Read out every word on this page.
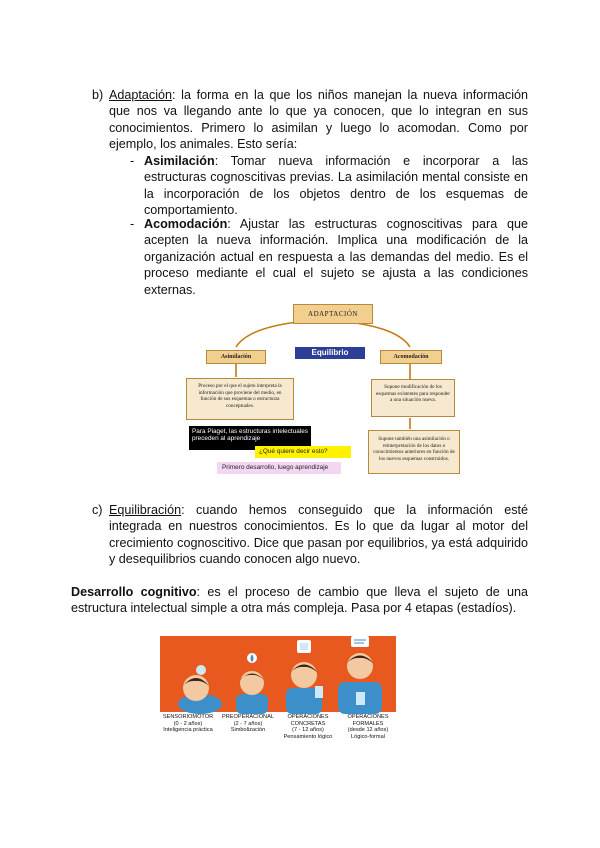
b) Adaptación: la forma en la que los niños manejan la nueva información que nos va llegando ante lo que ya conocen, que lo integran en sus conocimientos. Primero lo asimilan y luego lo acomodan. Como por ejemplo, los animales. Esto sería:
- Asimilación: Tomar nueva información e incorporar a las estructuras cognoscitivas previas. La asimilación mental consiste en la incorporación de los objetos dentro de los esquemas de comportamiento.
- Acomodación: Ajustar las estructuras cognoscitivas para que acepten la nueva información. Implica una modificación de la organización actual en respuesta a las demandas del medio. Es el proceso mediante el cual el sujeto se ajusta a las condiciones externas.
ADAPTACIÓN
Equilibrio
Asimilación	Acomodación
Proceso por el que el sujeto interpreta la información que proviene del medio, en función de sus esquemas o estructuras conceptuales.
Supone modificación de los esquemas existentes para responder a una situación nueva.
Supone también una asimilación o reinterpretación de los datos o conocimientos anteriores en función de los nuevos esquemas construidos.
Para Piaget, las estructuras intelectuales preceden al aprendizaje
¿Qué quiere decir esto?
Primero desarrollo, luego aprendizaje
c) Equilibración: cuando hemos conseguido que la información esté integrada en nuestros conocimientos. Es lo que da lugar al motor del crecimiento cognoscitivo. Dice que pasan por equilibrios, ya está adquirido y desequilibrios cuando conocen algo nuevo.
Desarrollo cognitivo: es el proceso de cambio que lleva el sujeto de una estructura intelectual simple a otra más compleja. Pasa por 4 etapas (estadíos).
SENSORIOMOTOR
(0 - 2 años)
Inteligencia práctica
PREOPERACIONAL
(2 - 7 años)
Simbolización
OPERACIONES CONCRETAS
(7 - 12 años)
Pensamiento lógico
OPERACIONES FORMALES
(desde 12 años)
Lógico-formal
